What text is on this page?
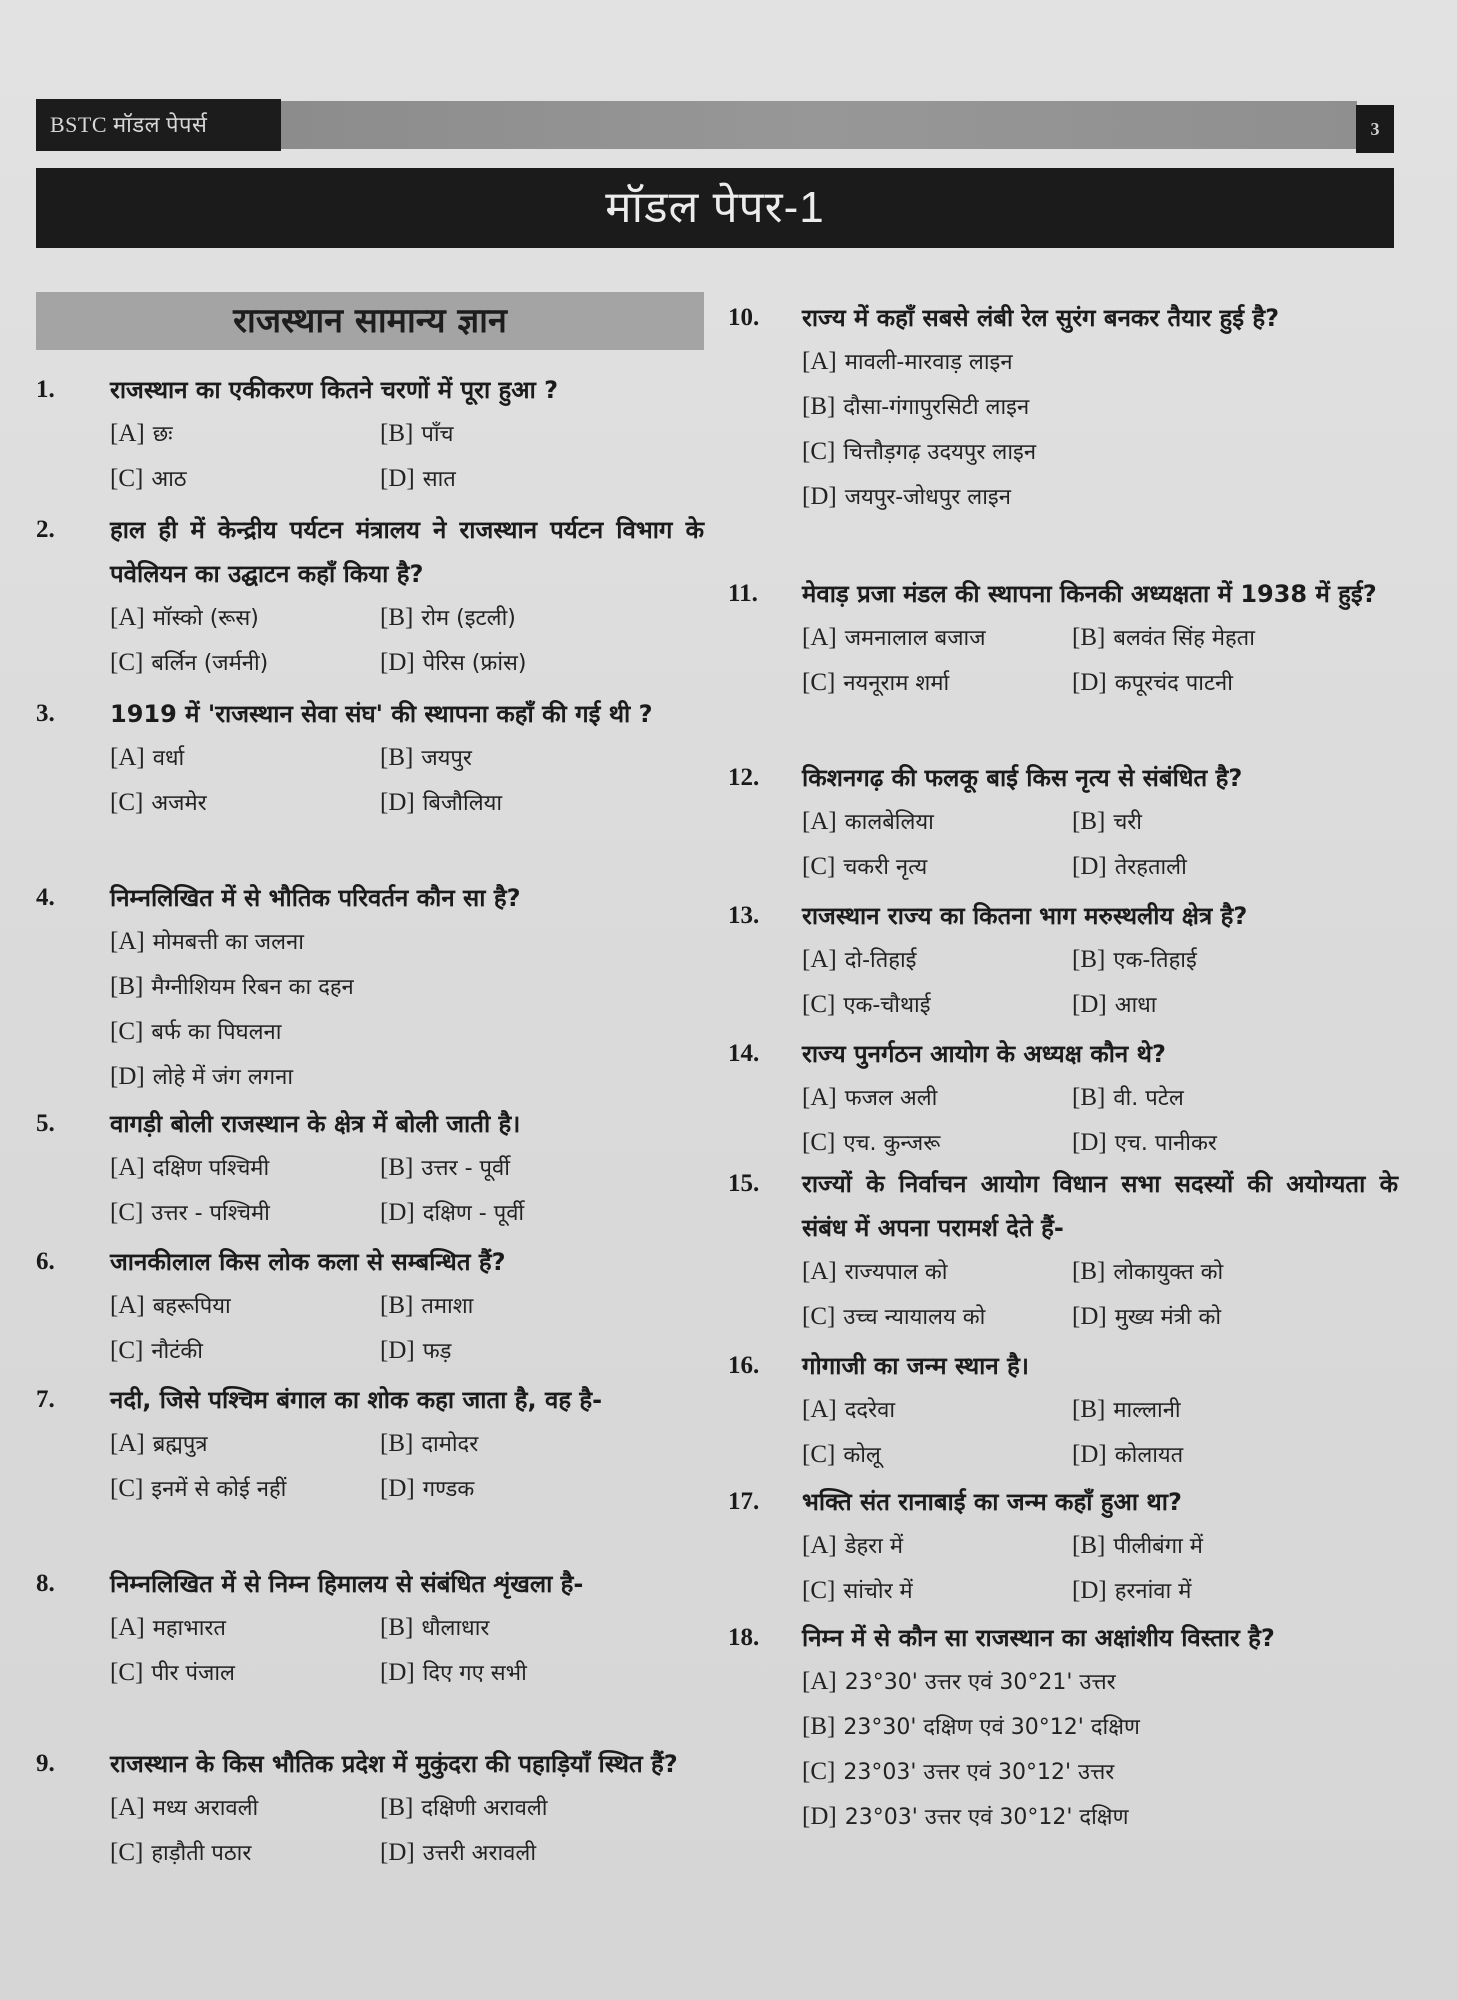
BSTC मॉडल पेपर्स	3
मॉडल पेपर-1
राजस्थान सामान्य ज्ञान
1. राजस्थान का एकीकरण कितने चरणों में पूरा हुआ ?
[A] छः	[B] पाँच
[C] आठ	[D] सात
2. हाल ही में केन्द्रीय पर्यटन मंत्रालय ने राजस्थान पर्यटन विभाग के पवेलियन का उद्घाटन कहाँ किया है?
[A] मॉस्को (रूस)	[B] रोम (इटली)
[C] बर्लिन (जर्मनी)	[D] पेरिस (फ्रांस)
3. 1919 में 'राजस्थान सेवा संघ' की स्थापना कहाँ की गई थी ?
[A] वर्धा	[B] जयपुर
[C] अजमेर	[D] बिजौलिया
4. निम्नलिखित में से भौतिक परिवर्तन कौन सा है?
[A] मोमबत्ती का जलना
[B] मैग्नीशियम रिबन का दहन
[C] बर्फ का पिघलना
[D] लोहे में जंग लगना
5. वागड़ी बोली राजस्थान के क्षेत्र में बोली जाती है।
[A] दक्षिण पश्चिमी	[B] उत्तर - पूर्वी
[C] उत्तर - पश्चिमी	[D] दक्षिण - पूर्वी
6. जानकीलाल किस लोक कला से सम्बन्धित हैं?
[A] बहरूपिया	[B] तमाशा
[C] नौटंकी	[D] फड़
7. नदी, जिसे पश्चिम बंगाल का शोक कहा जाता है, वह है-
[A] ब्रह्मपुत्र	[B] दामोदर
[C] इनमें से कोई नहीं	[D] गण्डक
8. निम्नलिखित में से निम्न हिमालय से संबंधित शृंखला है-
[A] महाभारत	[B] धौलाधार
[C] पीर पंजाल	[D] दिए गए सभी
9. राजस्थान के किस भौतिक प्रदेश में मुकुंदरा की पहाड़ियाँ स्थित हैं?
[A] मध्य अरावली	[B] दक्षिणी अरावली
[C] हाड़ौती पठार	[D] उत्तरी अरावली
10. राज्य में कहाँ सबसे लंबी रेल सुरंग बनकर तैयार हुई है?
[A] मावली-मारवाड़ लाइन
[B] दौसा-गंगापुरसिटी लाइन
[C] चित्तौड़गढ़ उदयपुर लाइन
[D] जयपुर-जोधपुर लाइन
11. मेवाड़ प्रजा मंडल की स्थापना किनकी अध्यक्षता में 1938 में हुई?
[A] जमनालाल बजाज	[B] बलवंत सिंह मेहता
[C] नयनूराम शर्मा	[D] कपूरचंद पाटनी
12. किशनगढ़ की फलकू बाई किस नृत्य से संबंधित है?
[A] कालबेलिया	[B] चरी
[C] चकरी नृत्य	[D] तेरहताली
13. राजस्थान राज्य का कितना भाग मरुस्थलीय क्षेत्र है?
[A] दो-तिहाई	[B] एक-तिहाई
[C] एक-चौथाई	[D] आधा
14. राज्य पुनर्गठन आयोग के अध्यक्ष कौन थे?
[A] फजल अली	[B] वी. पटेल
[C] एच. कुन्जरू	[D] एच. पानीकर
15. राज्यों के निर्वाचन आयोग विधान सभा सदस्यों की अयोग्यता के संबंध में अपना परामर्श देते हैं-
[A] राज्यपाल को	[B] लोकायुक्त को
[C] उच्च न्यायालय को	[D] मुख्य मंत्री को
16. गोगाजी का जन्म स्थान है।
[A] ददरेवा	[B] माल्लानी
[C] कोलू	[D] कोलायत
17. भक्ति संत रानाबाई का जन्म कहाँ हुआ था?
[A] डेहरा में	[B] पीलीबंगा में
[C] सांचोर में	[D] हरनांवा में
18. निम्न में से कौन सा राजस्थान का अक्षांशीय विस्तार है?
[A] 23°30' उत्तर एवं 30°21' उत्तर
[B] 23°30' दक्षिण एवं 30°12' दक्षिण
[C] 23°03' उत्तर एवं 30°12' उत्तर
[D] 23°03' उत्तर एवं 30°12' दक्षिण
